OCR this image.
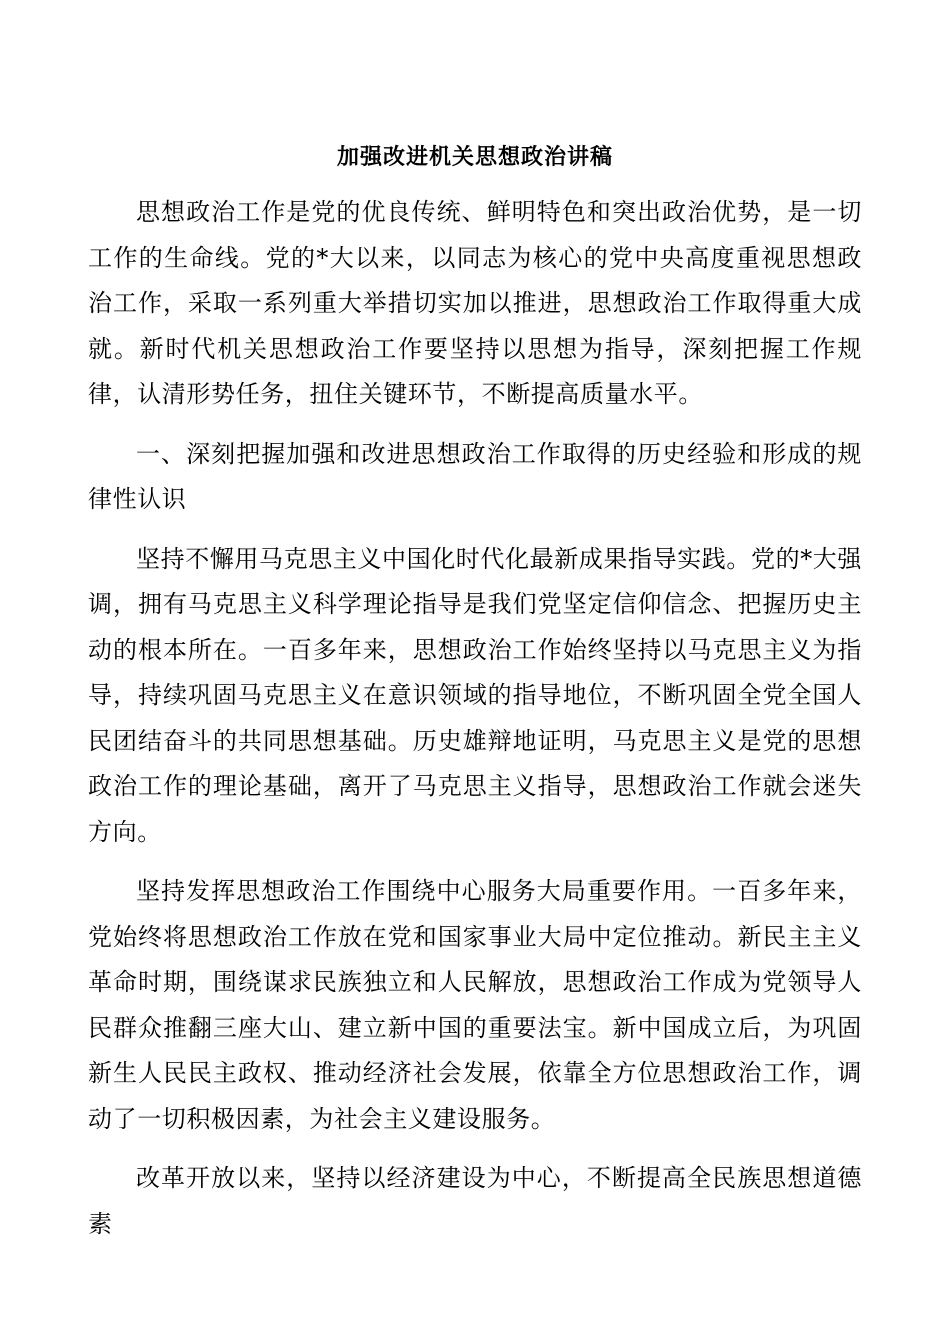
加强改进机关思想政治讲稿

思想政治工作是党的优良传统、鲜明特色和突出政治优势，是一切工作的生命线。党的*大以来，以同志为核心的党中央高度重视思想政治工作，采取一系列重大举措切实加以推进，思想政治工作取得重大成就。新时代机关思想政治工作要坚持以思想为指导，深刻把握工作规律，认清形势任务，扭住关键环节，不断提高质量水平。

一、深刻把握加强和改进思想政治工作取得的历史经验和形成的规律性认识

坚持不懈用马克思主义中国化时代化最新成果指导实践。党的*大强调，拥有马克思主义科学理论指导是我们党坚定信仰信念、把握历史主动的根本所在。一百多年来，思想政治工作始终坚持以马克思主义为指导，持续巩固马克思主义在意识领域的指导地位，不断巩固全党全国人民团结奋斗的共同思想基础。历史雄辩地证明，马克思主义是党的思想政治工作的理论基础，离开了马克思主义指导，思想政治工作就会迷失方向。

坚持发挥思想政治工作围绕中心服务大局重要作用。一百多年来，党始终将思想政治工作放在党和国家事业大局中定位推动。新民主主义革命时期，围绕谋求民族独立和人民解放，思想政治工作成为党领导人民群众推翻三座大山、建立新中国的重要法宝。新中国成立后，为巩固新生人民民主政权、推动经济社会发展，依靠全方位思想政治工作，调动了一切积极因素，为社会主义建设服务。

改革开放以来，坚持以经济建设为中心，不断提高全民族思想道德素
